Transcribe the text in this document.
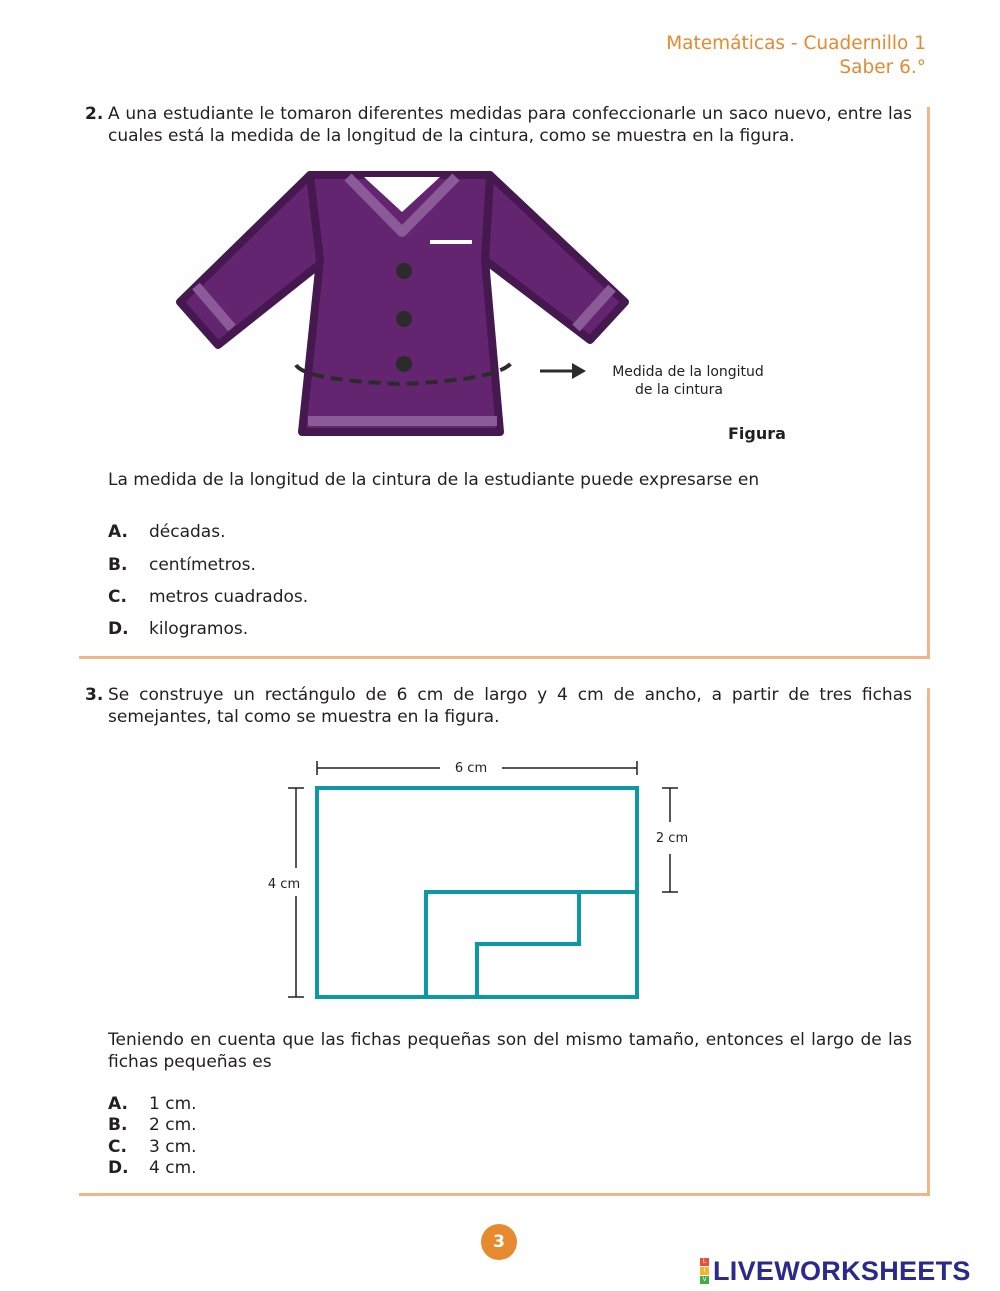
Matemáticas - Cuadernillo 1
Saber 6.°
2. A una estudiante le tomaron diferentes medidas para confeccionarle un saco nuevo, entre las cuales está la medida de la longitud de la cintura, como se muestra en la figura.
Medida de la longitud
de la cintura
Figura
La medida de la longitud de la cintura de la estudiante puede expresarse en
A. décadas.
B. centímetros.
C. metros cuadrados.
D. kilogramos.
3. Se construye un rectángulo de 6 cm de largo y 4 cm de ancho, a partir de tres fichas semejantes, tal como se muestra en la figura.
6 cm
4 cm
2 cm
Teniendo en cuenta que las fichas pequeñas son del mismo tamaño, entonces el largo de las fichas pequeñas es
A. 1 cm.
B. 2 cm.
C. 3 cm.
D. 4 cm.
3
L
I
V LIVEWORKSHEETS
